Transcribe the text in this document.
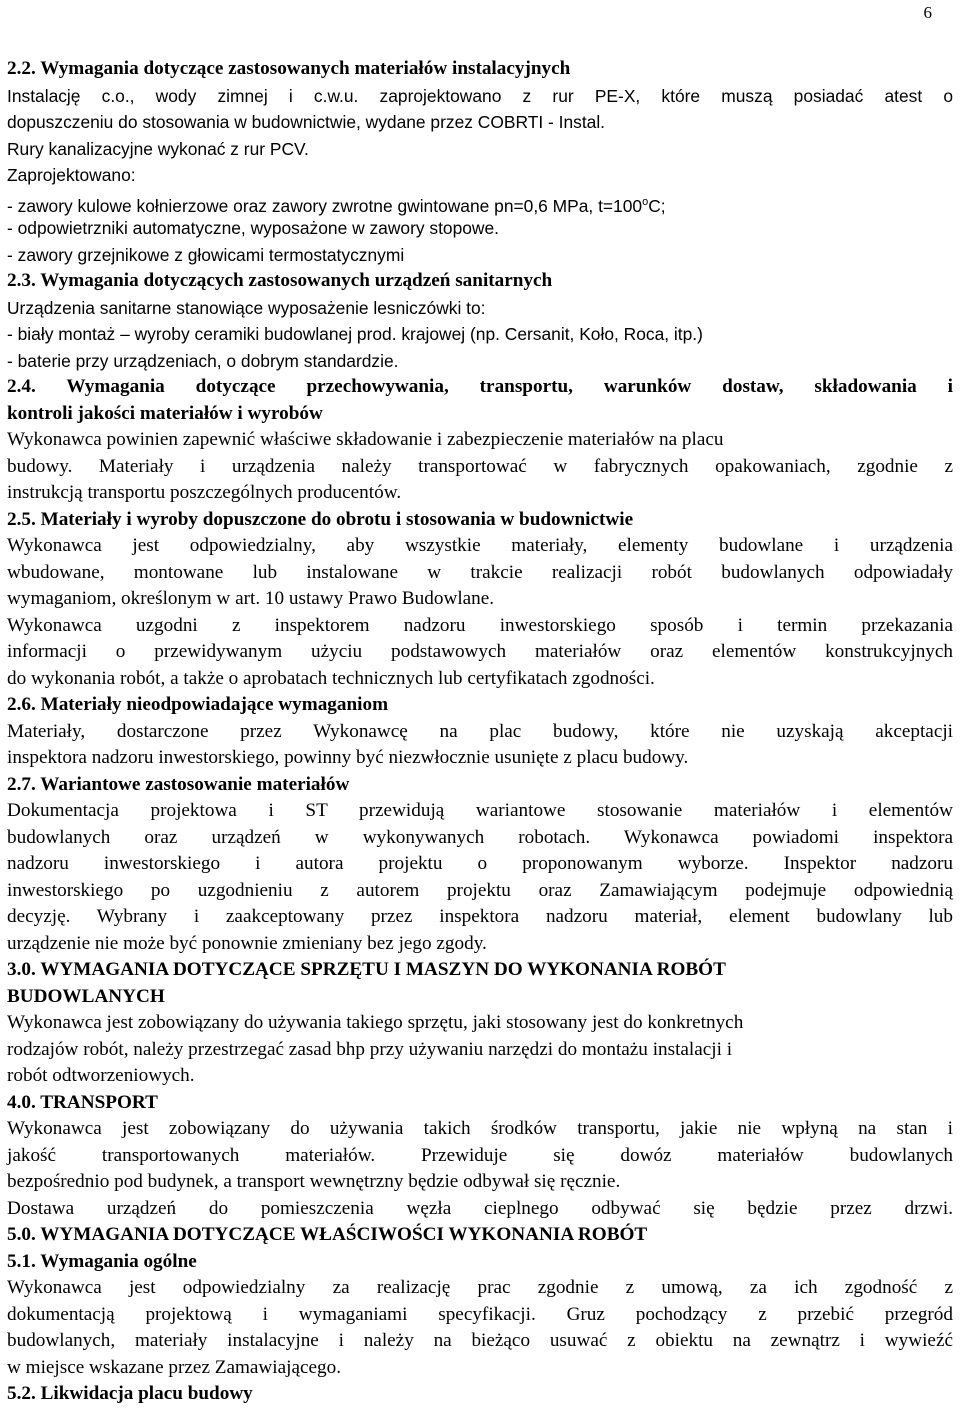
6
2.2. Wymagania dotyczące zastosowanych materiałów instalacyjnych
Instalację c.o., wody zimnej i c.w.u. zaprojektowano z rur PE-X, które muszą posiadać atest o
dopuszczeniu do stosowania w budownictwie, wydane przez COBRTI - Instal.
Rury kanalizacyjne wykonać z rur PCV.
Zaprojektowano:
- zawory kulowe kołnierzowe oraz zawory zwrotne gwintowane pn=0,6 MPa, $t=100^oC$;
- odpowietrzniki automatyczne, wyposażone w zawory stopowe.
- zawory grzejnikowe z głowicami termostatycznymi
2.3. Wymagania dotyczących zastosowanych urządzeń sanitarnych
Urządzenia sanitarne stanowiące wyposażenie lesniczówki to:
- biały montaż – wyroby ceramiki budowlanej prod. krajowej (np. Cersanit, Koło, Roca, itp.)
- baterie przy urządzeniach, o dobrym standardzie.
2.4. Wymagania dotyczące przechowywania, transportu, warunków dostaw, składowania i
kontroli jakości materiałów i wyrobów
Wykonawca powinien zapewnić właściwe składowanie i zabezpieczenie materiałów na placu
budowy. Materiały i urządzenia należy transportować w fabrycznych opakowaniach, zgodnie z
instrukcją transportu poszczególnych producentów.
2.5. Materiały i wyroby dopuszczone do obrotu i stosowania w budownictwie
Wykonawca jest odpowiedzialny, aby wszystkie materiały, elementy budowlane i urządzenia
wbudowane, montowane lub instalowane w trakcie realizacji robót budowlanych odpowiadały
wymaganiom, określonym w art. 10 ustawy Prawo Budowlane.
Wykonawca uzgodni z inspektorem nadzoru inwestorskiego sposób i termin przekazania
informacji o przewidywanym użyciu podstawowych materiałów oraz elementów konstrukcyjnych
do wykonania robót, a także o aprobatach technicznych lub certyfikatach zgodności.
2.6. Materiały nieodpowiadające wymaganiom
Materiały, dostarczone przez Wykonawcę na plac budowy, które nie uzyskają akceptacji
inspektora nadzoru inwestorskiego, powinny być niezwłocznie usunięte z placu budowy.
2.7. Wariantowe zastosowanie materiałów
Dokumentacja projektowa i ST przewidują wariantowe stosowanie materiałów i elementów
budowlanych oraz urządzeń w wykonywanych robotach. Wykonawca powiadomi inspektora
nadzoru inwestorskiego i autora projektu o proponowanym wyborze. Inspektor nadzoru
inwestorskiego po uzgodnieniu z autorem projektu oraz Zamawiającym podejmuje odpowiednią
decyzję. Wybrany i zaakceptowany przez inspektora nadzoru materiał, element budowlany lub
urządzenie nie może być ponownie zmieniany bez jego zgody.
3.0. WYMAGANIA DOTYCZĄCE SPRZĘTU I MASZYN DO WYKONANIA ROBÓT
BUDOWLANYCH
Wykonawca jest zobowiązany do używania takiego sprzętu, jaki stosowany jest do konkretnych
rodzajów robót, należy przestrzegać zasad bhp przy używaniu narzędzi do montażu instalacji i
robót odtworzeniowych.
4.0. TRANSPORT
Wykonawca jest zobowiązany do używania takich środków transportu, jakie nie wpłyną na stan i
jakość transportowanych materiałów. Przewiduje się dowóz materiałów budowlanych
bezpośrednio pod budynek, a transport wewnętrzny będzie odbywał się ręcznie.
Dostawa urządzeń do pomieszczenia węzła cieplnego odbywać się będzie przez drzwi.
5.0. WYMAGANIA DOTYCZĄCE WŁAŚCIWOŚCI WYKONANIA ROBÓT
5.1. Wymagania ogólne
Wykonawca jest odpowiedzialny za realizację prac zgodnie z umową, za ich zgodność z
dokumentacją projektową i wymaganiami specyfikacji. Gruz pochodzący z przebić przegród
budowlanych, materiały instalacyjne i należy na bieżąco usuwać z obiektu na zewnątrz i wywieźć
w miejsce wskazane przez Zamawiającego.
5.2. Likwidacja placu budowy
